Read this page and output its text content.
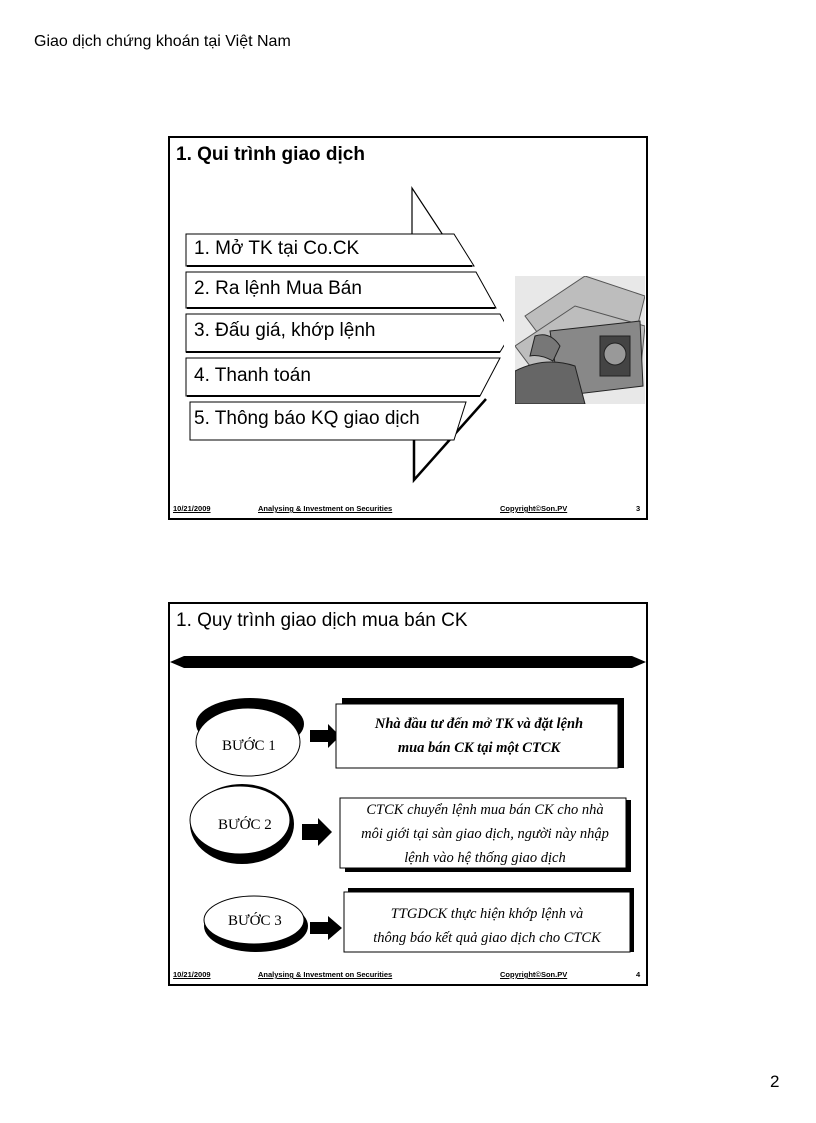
Giao dịch chứng khoán tại Việt Nam
1. Qui trình giao dịch
1. Mở TK tại Co.CK
2. Ra lệnh Mua Bán
3. Đấu giá, khớp lệnh
4. Thanh toán
5. Thông báo KQ giao dịch
10/21/2009	Analysing & Investment on Securities	Copyright©Son.PV	3
1. Quy trình giao dịch mua bán CK
BƯỚC 1
BƯỚC 2
BƯỚC 3
Nhà đầu tư đến mở TK và đặt lệnh
mua bán CK tại một CTCK
CTCK chuyển lệnh mua bán CK cho nhà
môi giới tại sàn giao dịch, người này nhập
lệnh vào hệ thống giao dịch
TTGDCK thực hiện khớp lệnh và
thông báo kết quả giao dịch cho CTCK
10/21/2009	Analysing & Investment on Securities	Copyright©Son.PV	4
2
